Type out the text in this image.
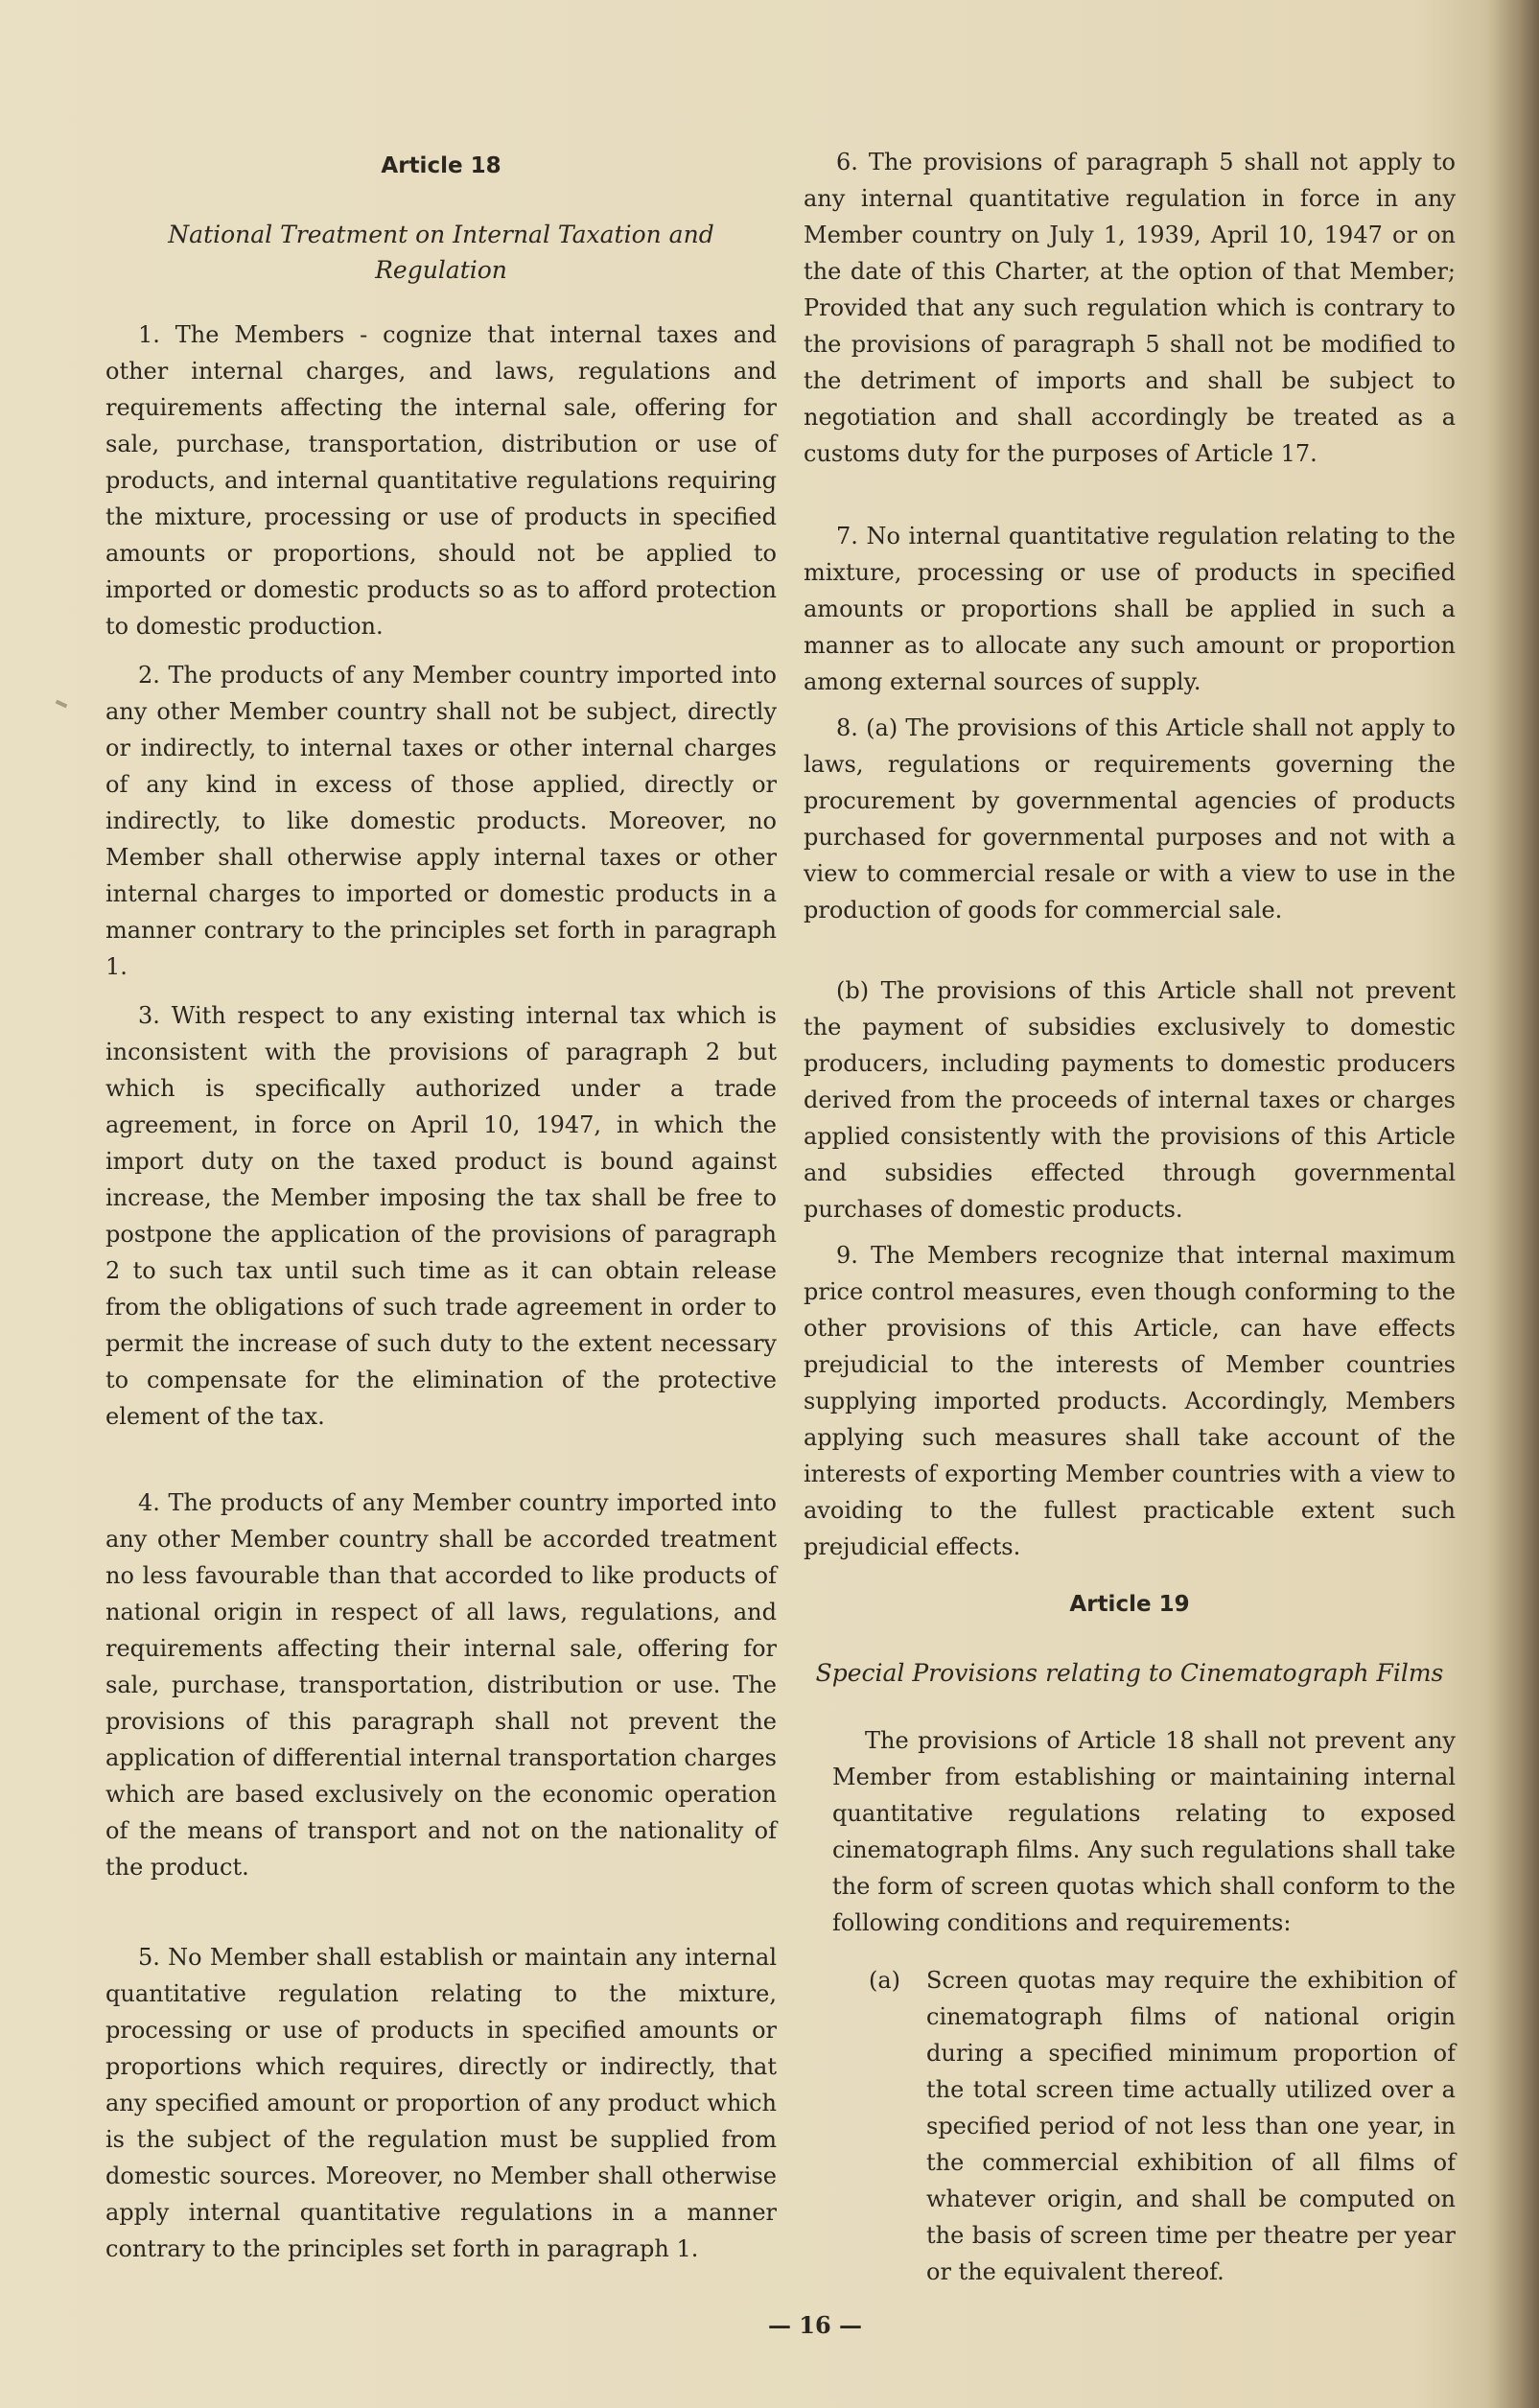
Article 18
National Treatment on Internal Taxation and Regulation
1. The Members - cognize that internal taxes and other internal charges, and laws, regulations and requirements affecting the internal sale, offering for sale, purchase, transportation, distribution or use of products, and internal quantitative regulations requiring the mixture, processing or use of products in specified amounts or proportions, should not be applied to imported or domestic products so as to afford protection to domestic production.
2. The products of any Member country imported into any other Member country shall not be subject, directly or indirectly, to internal taxes or other internal charges of any kind in excess of those applied, directly or indirectly, to like domestic products. Moreover, no Member shall otherwise apply internal taxes or other internal charges to imported or domestic products in a manner contrary to the principles set forth in paragraph 1.
3. With respect to any existing internal tax which is inconsistent with the provisions of paragraph 2 but which is specifically authorized under a trade agreement, in force on April 10, 1947, in which the import duty on the taxed product is bound against increase, the Member imposing the tax shall be free to postpone the application of the provisions of paragraph 2 to such tax until such time as it can obtain release from the obligations of such trade agreement in order to permit the increase of such duty to the extent necessary to compensate for the elimination of the protective element of the tax.
4. The products of any Member country imported into any other Member country shall be accorded treatment no less favourable than that accorded to like products of national origin in respect of all laws, regulations, and requirements affecting their internal sale, offering for sale, purchase, transportation, distribution or use. The provisions of this paragraph shall not prevent the application of differential internal transportation charges which are based exclusively on the economic operation of the means of transport and not on the nationality of the product.
5. No Member shall establish or maintain any internal quantitative regulation relating to the mixture, processing or use of products in specified amounts or proportions which requires, directly or indirectly, that any specified amount or proportion of any product which is the subject of the regulation must be supplied from domestic sources. Moreover, no Member shall otherwise apply internal quantitative regulations in a manner contrary to the principles set forth in paragraph 1.
6. The provisions of paragraph 5 shall not apply to any internal quantitative regulation in force in any Member country on July 1, 1939, April 10, 1947 or on the date of this Charter, at the option of that Member; Provided that any such regulation which is contrary to the provisions of paragraph 5 shall not be modified to the detriment of imports and shall be subject to negotiation and shall accordingly be treated as a customs duty for the purposes of Article 17.
7. No internal quantitative regulation relating to the mixture, processing or use of products in specified amounts or proportions shall be applied in such a manner as to allocate any such amount or proportion among external sources of supply.
8. (a) The provisions of this Article shall not apply to laws, regulations or requirements governing the procurement by governmental agencies of products purchased for governmental purposes and not with a view to commercial resale or with a view to use in the production of goods for commercial sale.
(b) The provisions of this Article shall not prevent the payment of subsidies exclusively to domestic producers, including payments to domestic producers derived from the proceeds of internal taxes or charges applied consistently with the provisions of this Article and subsidies effected through governmental purchases of domestic products.
9. The Members recognize that internal maximum price control measures, even though conforming to the other provisions of this Article, can have effects prejudicial to the interests of Member countries supplying imported products. Accordingly, Members applying such measures shall take account of the interests of exporting Member countries with a view to avoiding to the fullest practicable extent such prejudicial effects.
Article 19
Special Provisions relating to Cinematograph Films
The provisions of Article 18 shall not prevent any Member from establishing or maintaining internal quantitative regulations relating to exposed cinematograph films. Any such regulations shall take the form of screen quotas which shall conform to the following conditions and requirements:
(a) Screen quotas may require the exhibition of cinematograph films of national origin during a specified minimum proportion of the total screen time actually utilized over a specified period of not less than one year, in the commercial exhibition of all films of whatever origin, and shall be computed on the basis of screen time per theatre per year or the equivalent thereof.
— 16 —
